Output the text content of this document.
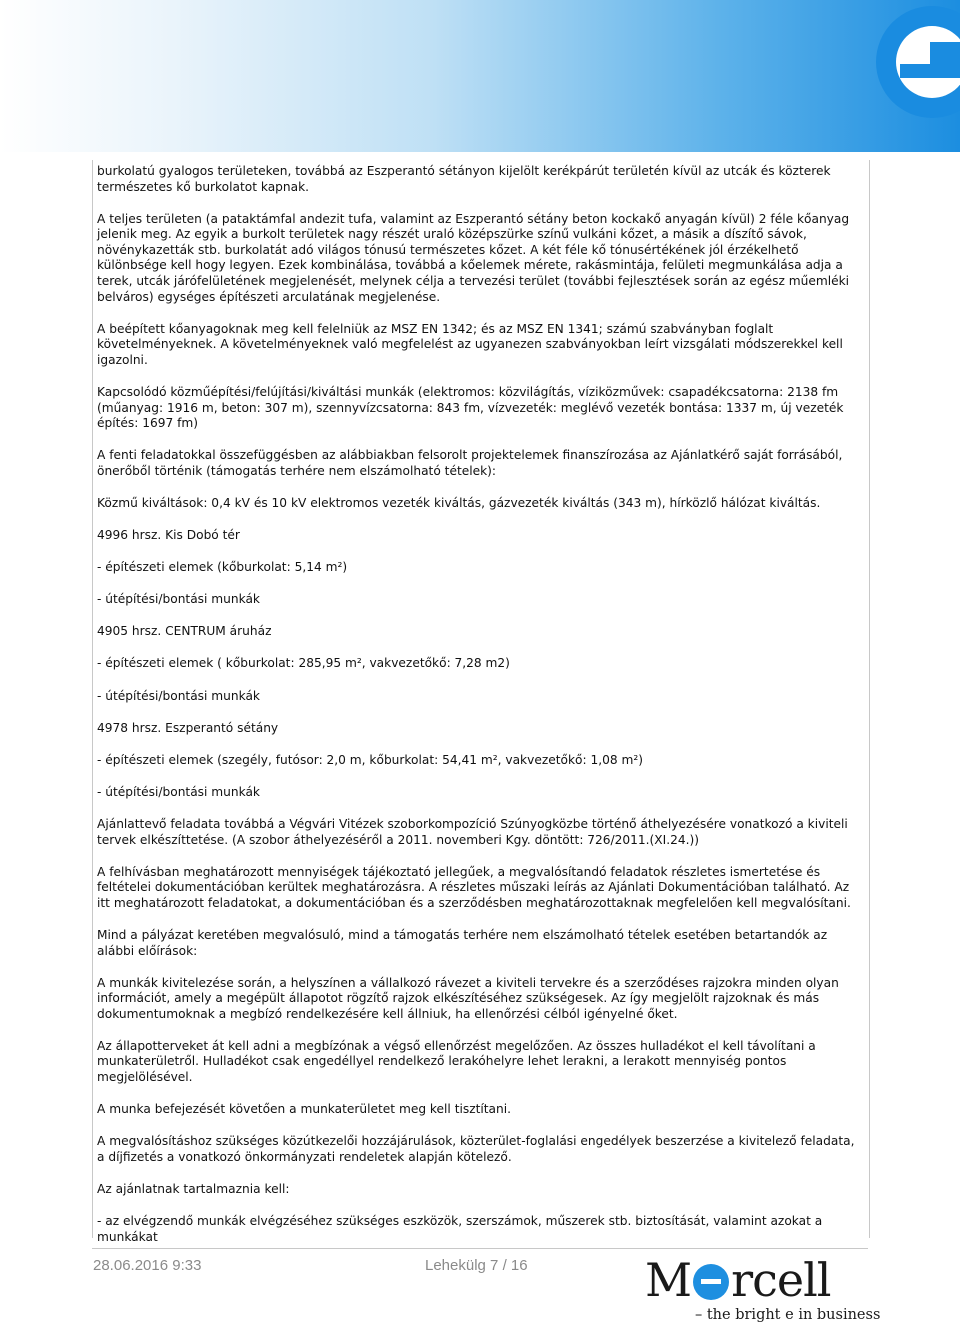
burkolatú gyalogos területeken, továbbá az Eszperantó sétányon kijelölt kerékpárút területén kívül az utcák és közterek természetes kő burkolatot kapnak.

A teljes területen (a pataktámfal andezit tufa, valamint az Eszperantó sétány beton kockakő anyagán kívül) 2 féle kőanyag jelenik meg. Az egyik a burkolt területek nagy részét uraló középszürke színű vulkáni kőzet, a másik a díszítő sávok, növénykazetták stb. burkolatát adó világos tónusú természetes kőzet. A két féle kő tónusértékének jól érzékelhető különbsége kell hogy legyen. Ezek kombinálása, továbbá a kőelemek mérete, rakásmintája, felületi megmunkálása adja a terek, utcák járófelületének megjelenését, melynek célja a tervezési terület (további fejlesztések során az egész műemléki belváros) egységes építészeti arculatának megjelenése.

A beépített kőanyagoknak meg kell felelniük az MSZ EN 1342; és az MSZ EN 1341; számú szabványban foglalt követelményeknek. A követelményeknek való megfelelést az ugyanezen szabványokban leírt vizsgálati módszerekkel kell igazolni.

Kapcsolódó közműépítési/felújítási/kiváltási munkák (elektromos: közvilágítás, víziközművek: csapadékcsatorna: 2138 fm (műanyag: 1916 m, beton: 307 m), szennyvízcsatorna: 843 fm, vízvezeték: meglévő vezeték bontása: 1337 m, új vezeték építés: 1697 fm)

A fenti feladatokkal összefüggésben az alábbiakban felsorolt projektelemek finanszírozása az Ajánlatkérő saját forrásából, önerőből történik (támogatás terhére nem elszámolható tételek):

Közmű kiváltások: 0,4 kV és 10 kV elektromos vezeték kiváltás, gázvezeték kiváltás (343 m), hírközlő hálózat kiváltás.

4996 hrsz. Kis Dobó tér

- építészeti elemek (kőburkolat: 5,14 m²)

- útépítési/bontási munkák

4905 hrsz. CENTRUM áruház

- építészeti elemek ( kőburkolat: 285,95 m², vakvezetőkő: 7,28 m2)

- útépítési/bontási munkák

4978 hrsz. Eszperantó sétány

- építészeti elemek (szegély, futósor: 2,0 m, kőburkolat: 54,41 m², vakvezetőkő: 1,08 m²)

- útépítési/bontási munkák

Ajánlattevő feladata továbbá a Végvári Vitézek szoborkompozíció Szúnyogközbe történő áthelyezésére vonatkozó a kiviteli tervek elkészíttetése. (A szobor áthelyezéséről a 2011. novemberi Kgy. döntött: 726/2011.(XI.24.))

A felhívásban meghatározott mennyiségek tájékoztató jellegűek, a megvalósítandó feladatok részletes ismertetése és feltételei dokumentációban kerültek meghatározásra. A részletes műszaki leírás az Ajánlati Dokumentációban található. Az itt meghatározott feladatokat, a dokumentációban és a szerződésben meghatározottaknak megfelelően kell megvalósítani.

Mind a pályázat keretében megvalósuló, mind a támogatás terhére nem elszámolható tételek esetében betartandók az alábbi előírások:

A munkák kivitelezése során, a helyszínen a vállalkozó rávezet a kiviteli tervekre és a szerződéses rajzokra minden olyan információt, amely a megépült állapotot rögzítő rajzok elkészítéséhez szükségesek. Az így megjelölt rajzoknak és más dokumentumoknak a megbízó rendelkezésére kell állniuk, ha ellenőrzési célból igényelné őket.

Az állapotterveket át kell adni a megbízónak a végső ellenőrzést megelőzően. Az összes hulladékot el kell távolítani a munkaterületről. Hulladékot csak engedéllyel rendelkező lerakóhelyre lehet lerakni, a lerakott mennyiség pontos megjelölésével.

A munka befejezését követően a munkaterületet meg kell tisztítani.

A megvalósításhoz szükséges közútkezelői hozzájárulások, közterület-foglalási engedélyek beszerzése a kivitelező feladata, a díjfizetés a vonatkozó önkormányzati rendeletek alapján kötelező.

Az ajánlatnak tartalmaznia kell:

- az elvégzendő munkák elvégzéséhez szükséges eszközök, szerszámok, műszerek stb. biztosítását, valamint azokat a munkákat

28.06.2016 9:33	Lehekülg 7 / 16	M rcell
– the bright e in business
